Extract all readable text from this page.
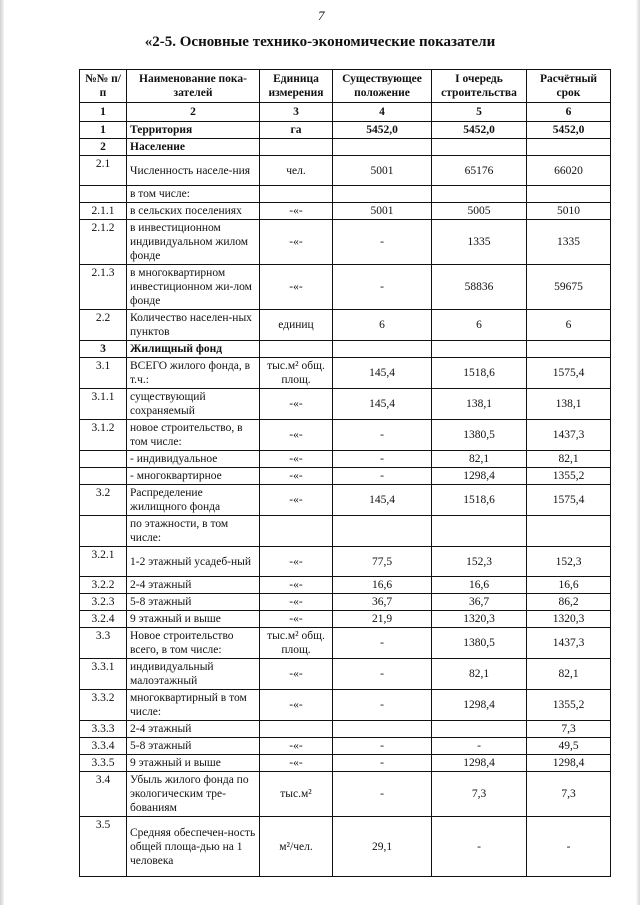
7
«2-5. Основные технико-экономические показатели
№№ п/п	Наименование пока-зателей	Единица измерения	Существующее положение	I очередь строительства	Расчётный срок
1	2	3	4	5	6
1	Территория	га	5452,0	5452,0	5452,0
2	Население				
2.1	Численность населе-ния	чел.	5001	65176	66020
	в том числе:				
2.1.1	в сельских поселениях	-«-	5001	5005	5010
2.1.2	в инвестиционном индивидуальном жилом фонде	-«-	-	1335	1335
2.1.3	в многоквартирном инвестиционном жи-лом фонде	-«-	-	58836	59675
2.2	Количество населен-ных пунктов	единиц	6	6	6
3	Жилищный фонд				
3.1	ВСЕГО жилого фонда, в т.ч.:	тыс.м² общ. площ.	145,4	1518,6	1575,4
3.1.1	существующий сохраняемый	-«-	145,4	138,1	138,1
3.1.2	новое строительство, в том числе:	-«-	-	1380,5	1437,3
	- индивидуальное	-«-	-	82,1	82,1
	- многоквартирное	-«-	-	1298,4	1355,2
3.2	Распределение жилищного фонда	-«-	145,4	1518,6	1575,4
	по этажности, в том числе:				
3.2.1	1-2 этажный усадеб-ный	-«-	77,5	152,3	152,3
3.2.2	2-4 этажный	-«-	16,6	16,6	16,6
3.2.3	5-8 этажный	-«-	36,7	36,7	86,2
3.2.4	9 этажный и выше	-«-	21,9	1320,3	1320,3
3.3	Новое строительство всего, в том числе:	тыс.м² общ. площ.	-	1380,5	1437,3
3.3.1	индивидуальный малоэтажный	-«-	-	82,1	82,1
3.3.2	многоквартирный в том числе:	-«-	-	1298,4	1355,2
3.3.3	2-4 этажный				7,3
3.3.4	5-8 этажный	-«-	-	-	49,5
3.3.5	9 этажный и выше	-«-	-	1298,4	1298,4
3.4	Убыль жилого фонда по экологическим тре-бованиям	тыс.м²	-	7,3	7,3
3.5	Средняя обеспечен-ность общей площа-дью на 1 человека	м²/чел.	29,1	-	-
